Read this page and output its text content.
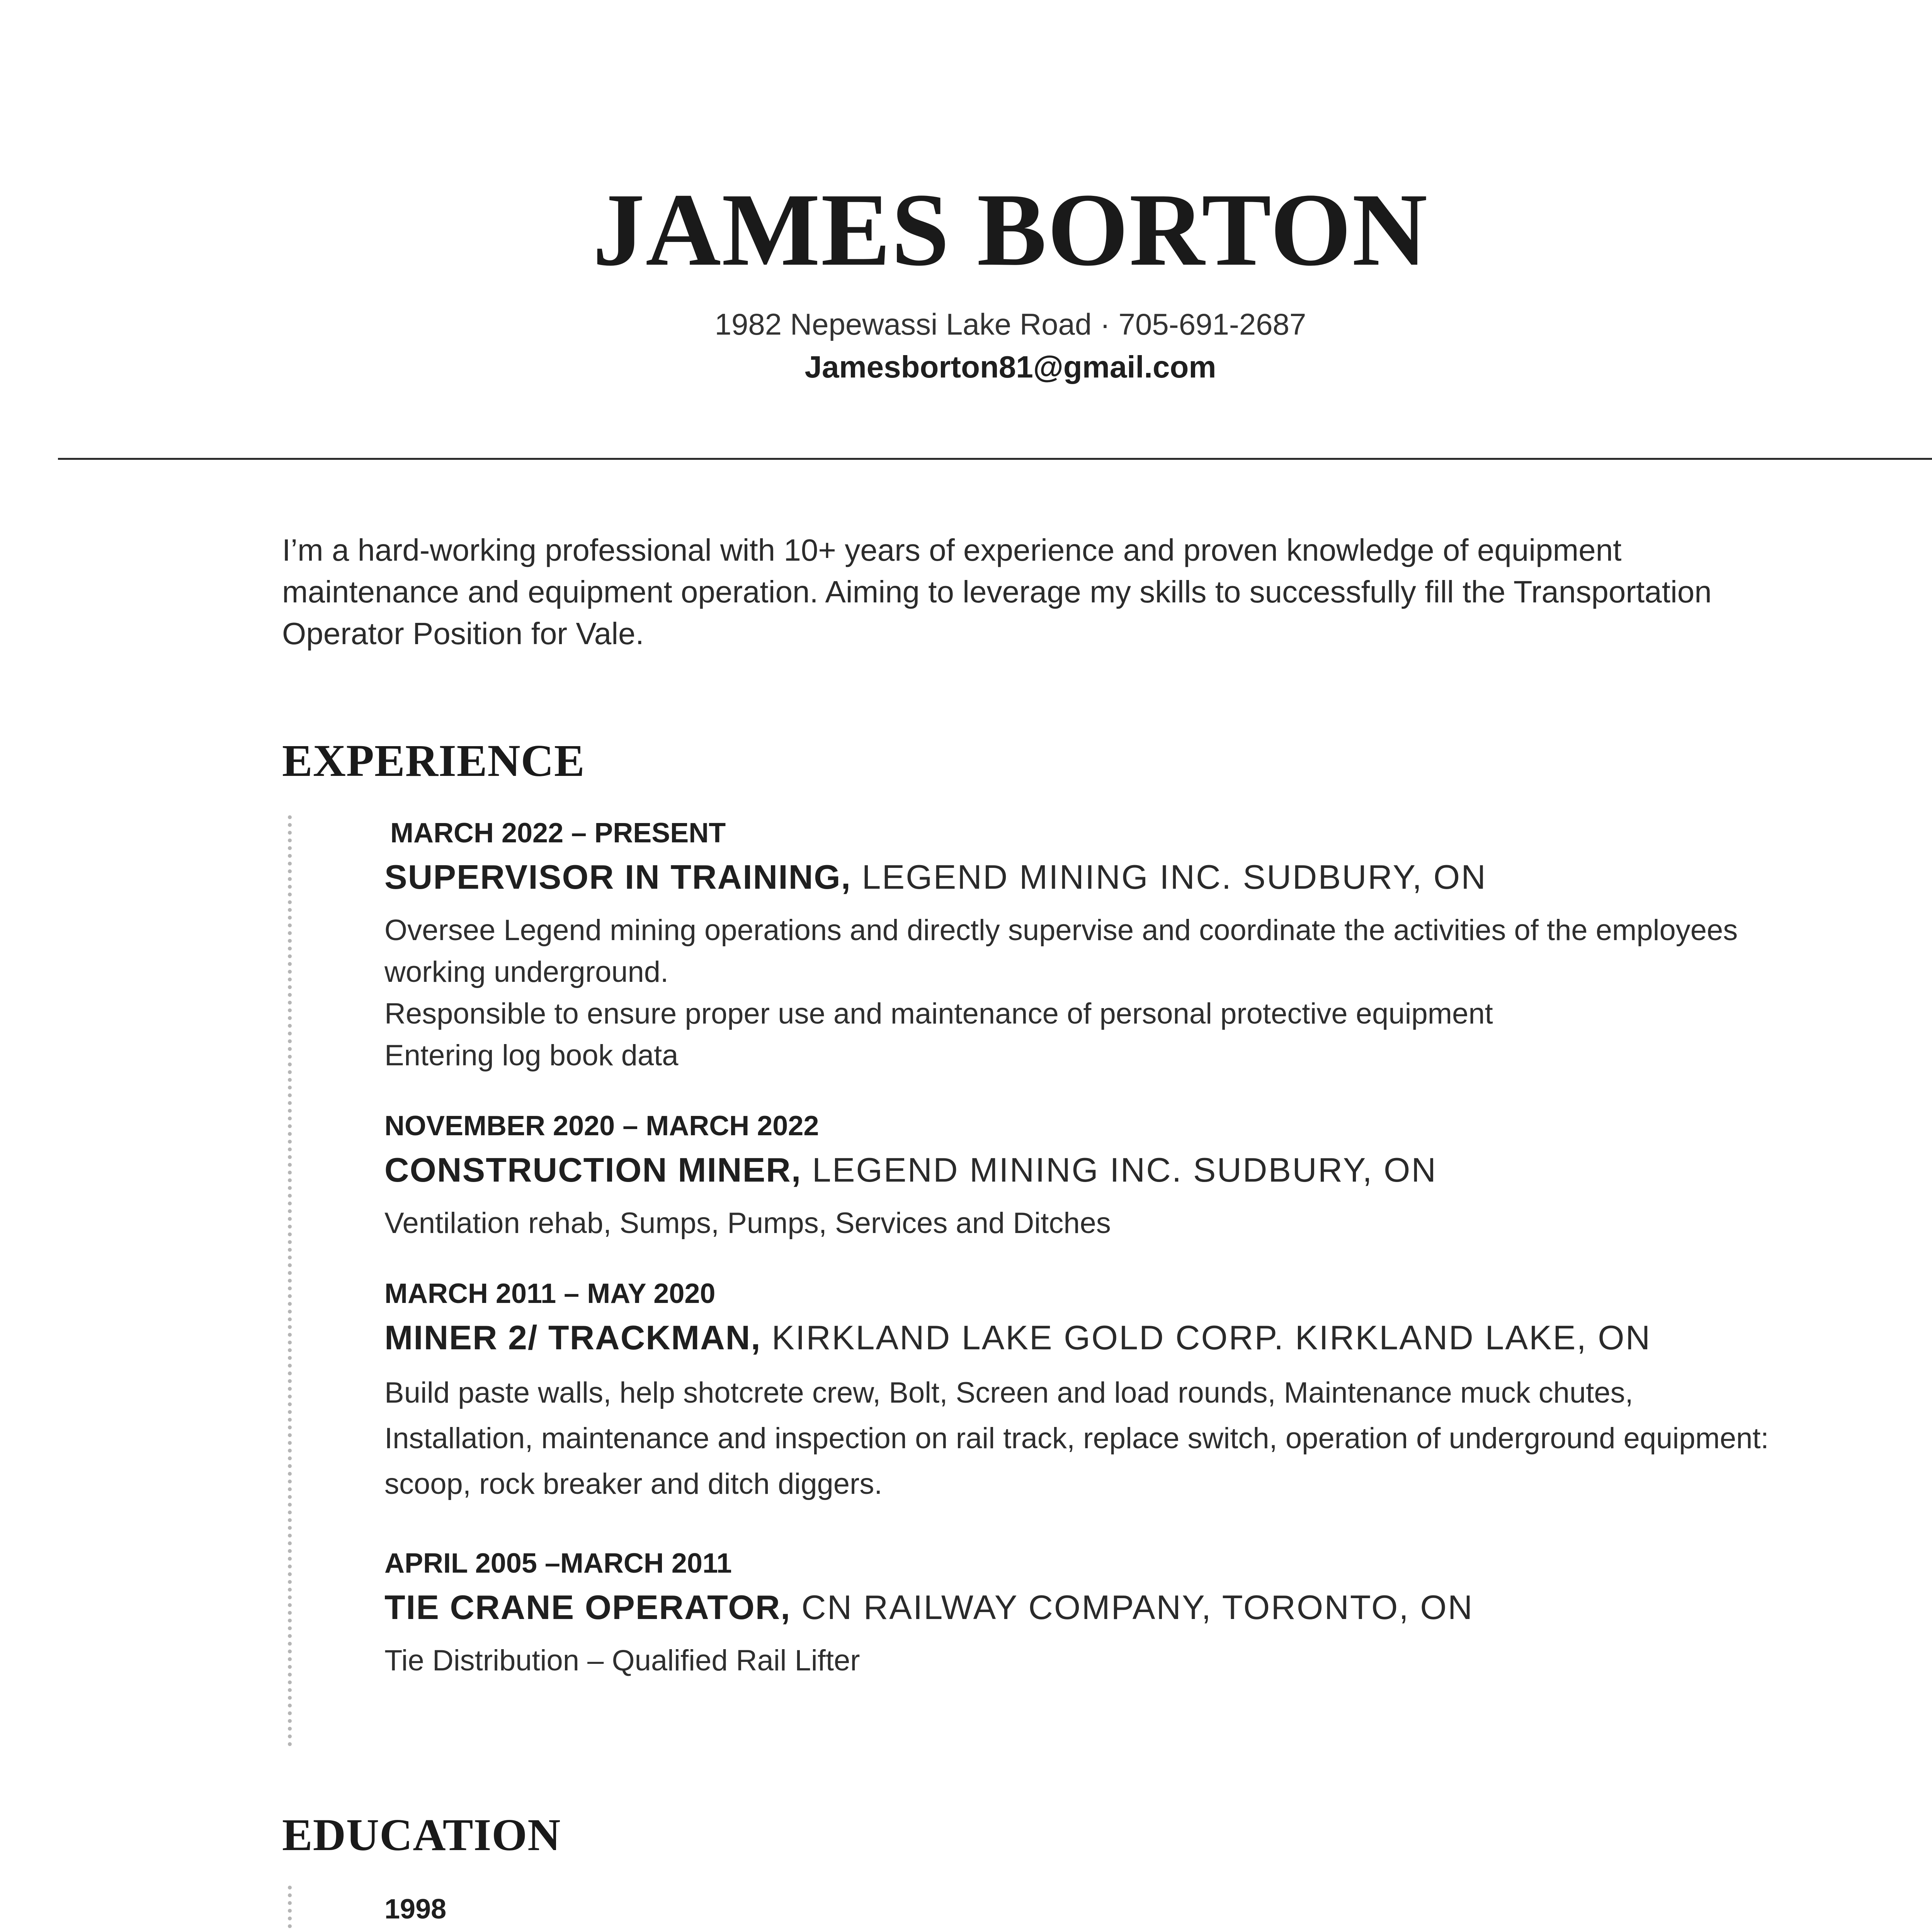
JAMES BORTON
1982 Nepewassi Lake Road · 705-691-2687
Jamesborton81@gmail.com

I’m a hard-working professional with 10+ years of experience and proven knowledge of equipment maintenance and equipment operation. Aiming to leverage my skills to successfully fill the Transportation Operator Position for Vale.

EXPERIENCE
MARCH 2022 – PRESENT
SUPERVISOR IN TRAINING, LEGEND MINING INC. SUDBURY, ON

Oversee Legend mining operations and directly supervise and coordinate the activities of the employees working underground.

Responsible to ensure proper use and maintenance of personal protective equipment

Entering log book data

NOVEMBER 2020 – MARCH 2022
CONSTRUCTION MINER, LEGEND MINING INC. SUDBURY, ON

Ventilation rehab, Sumps, Pumps, Services and Ditches

MARCH 2011 – MAY 2020
MINER 2/ TRACKMAN, KIRKLAND LAKE GOLD CORP. KIRKLAND LAKE, ON

Build paste walls, help shotcrete crew, Bolt, Screen and load rounds, Maintenance muck chutes, Installation, maintenance and inspection on rail track, replace switch, operation of underground equipment: scoop, rock breaker and ditch diggers.

APRIL 2005 –MARCH 2011
TIE CRANE OPERATOR, CN RAILWAY COMPANY, TORONTO, ON

Tie Distribution – Qualified Rail Lifter

EDUCATION
1998
